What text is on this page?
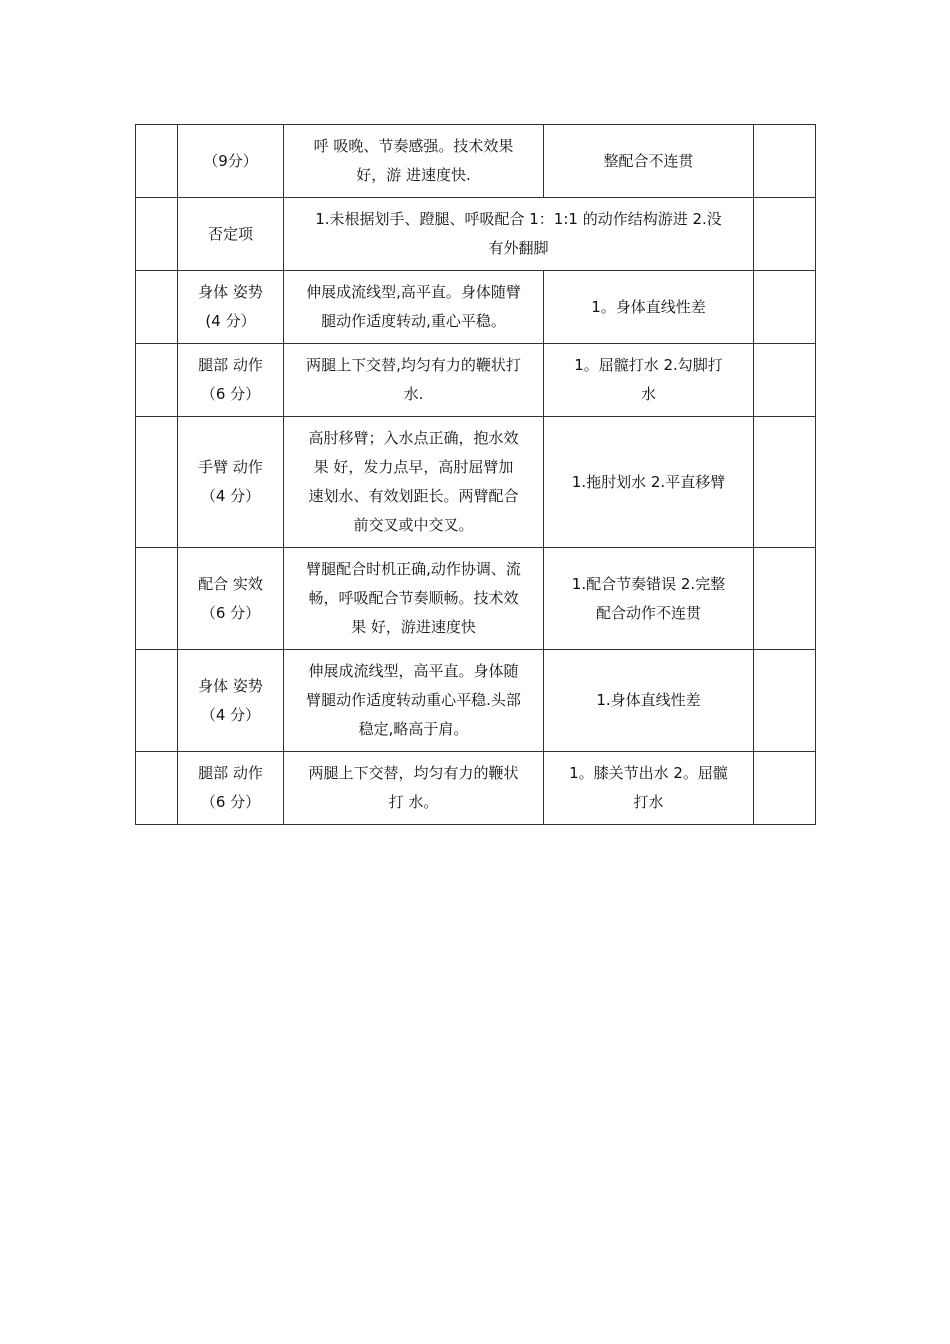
	（9分）	呼 吸晚、节奏感强。技术效果
好，游 进速度快.	整配合不连贯	

	否定项	1.未根据划手、蹬腿、呼吸配合 1：1:1 的动作结构游进 2.没
有外翻脚		

	身体 姿势
(4 分）	伸展成流线型,高平直。身体随臂
腿动作适度转动,重心平稳。	1。身体直线性差	

	腿部 动作
（6 分）	两腿上下交替,均匀有力的鞭状打
水.	1。屈髋打水 2.勾脚打
水	

	手臂 动作
（4 分）	高肘移臂；入水点正确，抱水效
果 好，发力点早，高肘屈臂加
速划水、有效划距长。两臂配合
前交叉或中交叉。	1.拖肘划水 2.平直移臂	

	配合 实效
（6 分）	臂腿配合时机正确,动作协调、流
畅，呼吸配合节奏顺畅。技术效
果 好，游进速度快	1.配合节奏错误 2.完整
配合动作不连贯	

	身体 姿势
（4 分）	伸展成流线型，高平直。身体随
臂腿动作适度转动重心平稳.头部
稳定,略高于肩。	1.身体直线性差	

	腿部 动作
（6 分）	两腿上下交替，均匀有力的鞭状
打 水。	1。膝关节出水 2。屈髋
打水	
